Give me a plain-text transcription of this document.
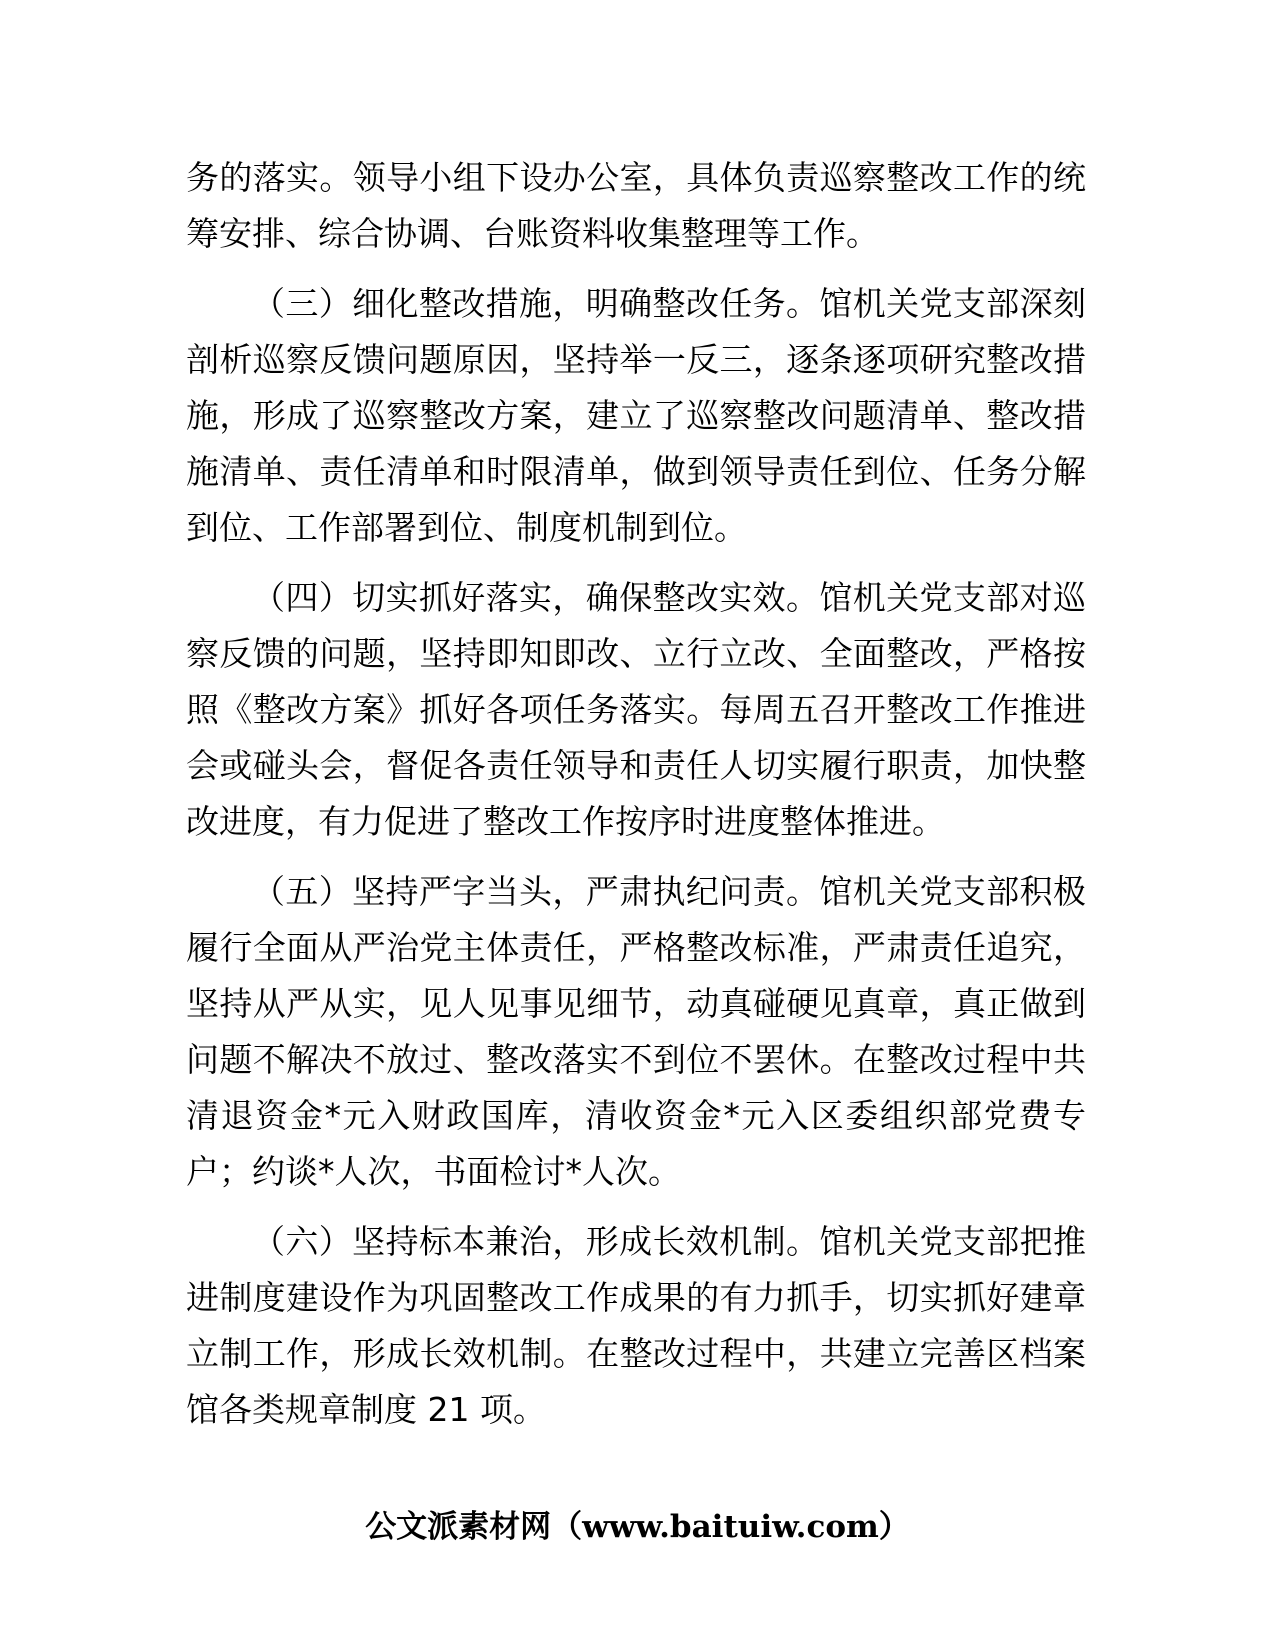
务的落实。领导小组下设办公室，具体负责巡察整改工作的统
筹安排、综合协调、台账资料收集整理等工作。
（三）细化整改措施，明确整改任务。馆机关党支部深刻
剖析巡察反馈问题原因，坚持举一反三，逐条逐项研究整改措
施，形成了巡察整改方案，建立了巡察整改问题清单、整改措
施清单、责任清单和时限清单，做到领导责任到位、任务分解
到位、工作部署到位、制度机制到位。
（四）切实抓好落实，确保整改实效。馆机关党支部对巡
察反馈的问题，坚持即知即改、立行立改、全面整改，严格按
照《整改方案》抓好各项任务落实。每周五召开整改工作推进
会或碰头会，督促各责任领导和责任人切实履行职责，加快整
改进度，有力促进了整改工作按序时进度整体推进。
（五）坚持严字当头，严肃执纪问责。馆机关党支部积极
履行全面从严治党主体责任，严格整改标准，严肃责任追究，
坚持从严从实，见人见事见细节，动真碰硬见真章，真正做到
问题不解决不放过、整改落实不到位不罢休。在整改过程中共
清退资金*元入财政国库，清收资金*元入区委组织部党费专
户；约谈*人次，书面检讨*人次。
（六）坚持标本兼治，形成长效机制。馆机关党支部把推
进制度建设作为巩固整改工作成果的有力抓手，切实抓好建章
立制工作，形成长效机制。在整改过程中，共建立完善区档案
馆各类规章制度 21 项。
公文派素材网（www.baituiw.com）
